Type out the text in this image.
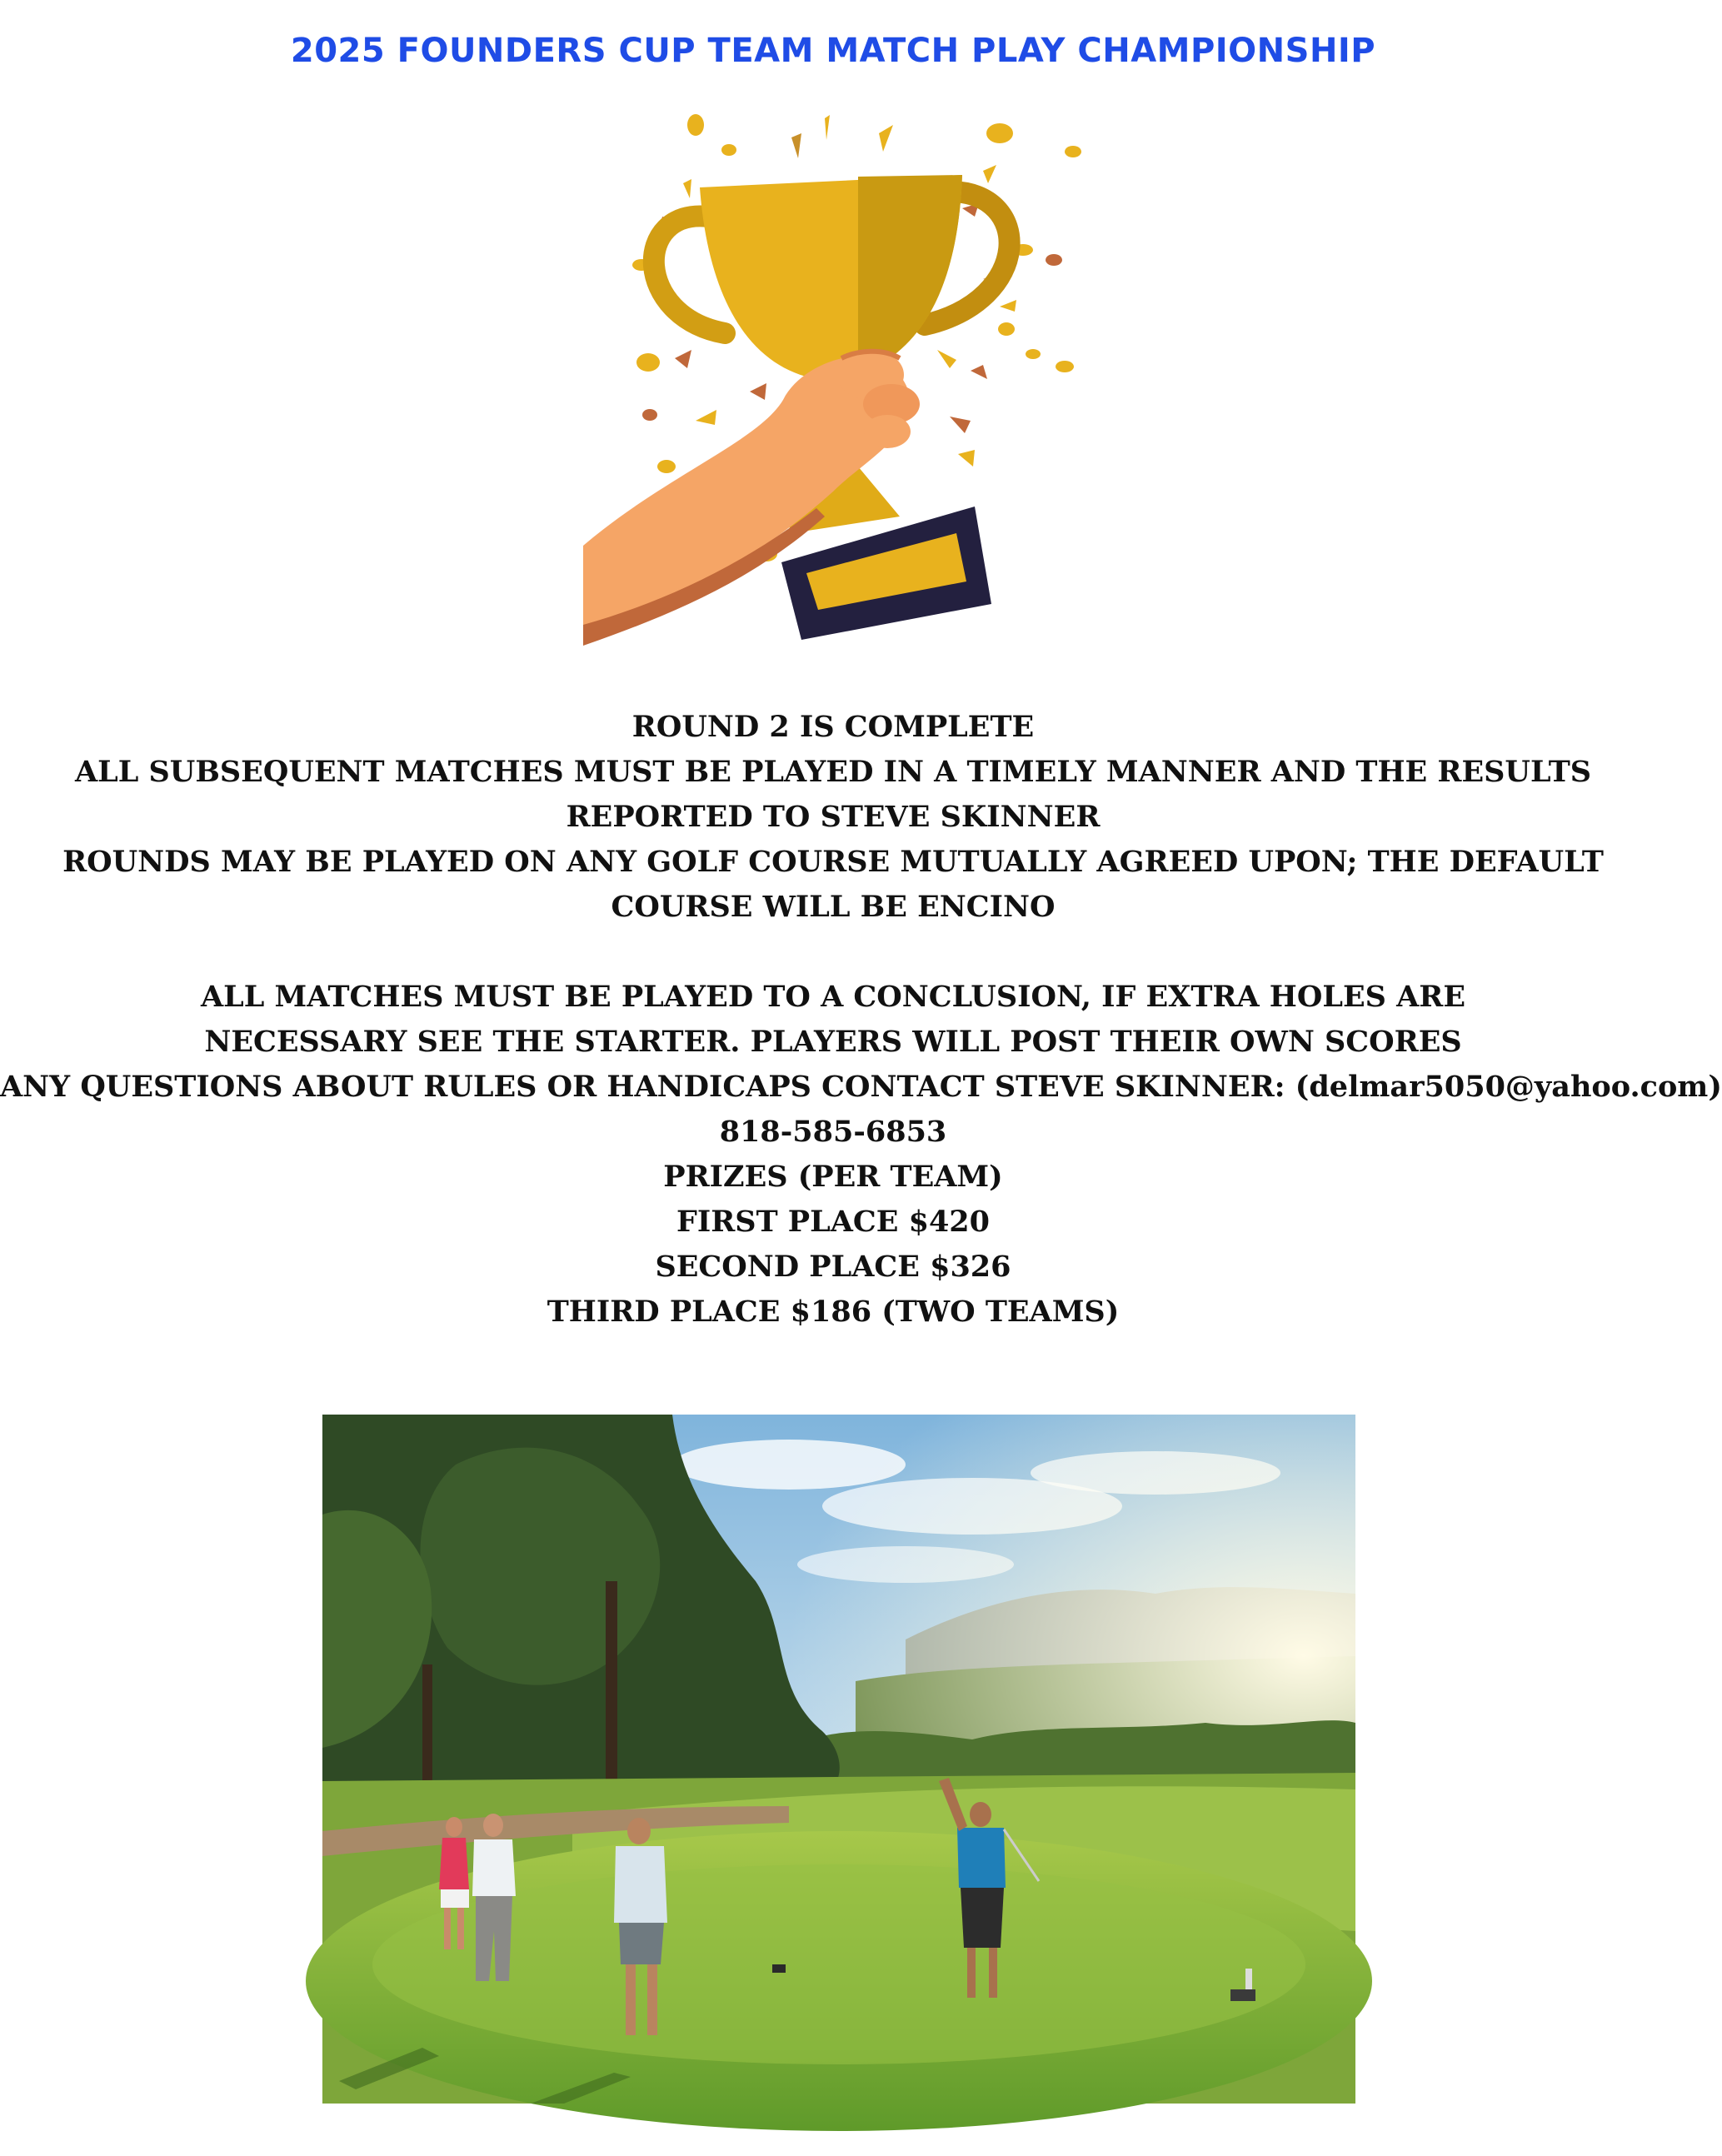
2025 FOUNDERS CUP TEAM MATCH PLAY CHAMPIONSHIP
ROUND 2 IS COMPLETE
ALL SUBSEQUENT MATCHES MUST BE PLAYED IN A TIMELY MANNER AND THE RESULTS
REPORTED TO STEVE SKINNER
ROUNDS MAY BE PLAYED ON ANY GOLF COURSE MUTUALLY AGREED UPON; THE DEFAULT
COURSE WILL BE ENCINO
ALL MATCHES MUST BE PLAYED TO A CONCLUSION, IF EXTRA HOLES ARE
NECESSARY SEE THE STARTER. PLAYERS WILL POST THEIR OWN SCORES
ANY QUESTIONS ABOUT RULES OR HANDICAPS CONTACT STEVE SKINNER: (delmar5050@yahoo.com)
818-585-6853
PRIZES (PER TEAM)
FIRST PLACE $420
SECOND PLACE $326
THIRD PLACE $186 (TWO TEAMS)
